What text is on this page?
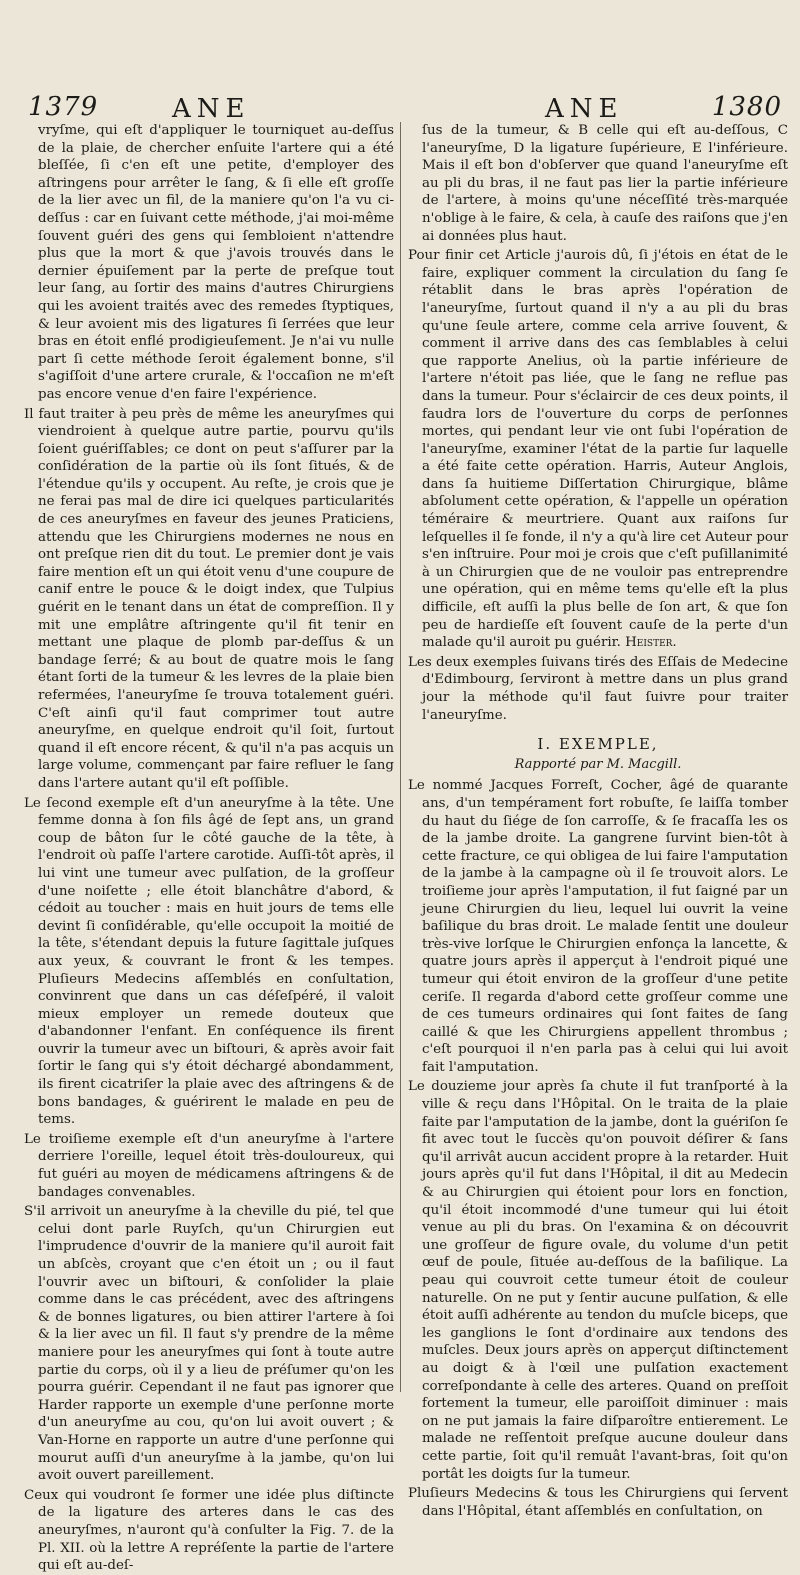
1379	ANE	ANE	1380

vryſme, qui eſt d'appliquer le tourniquet au-deſſus de la plaie, de chercher enſuite l'artere qui a été bleſſée, ſi c'en eſt une petite, d'employer des aſtringens pour arrêter le ſang, & ſi elle eſt groſſe de la lier avec un fil, de la maniere qu'on l'a vu ci-deſſus : car en ſuivant cette méthode, j'ai moi-même ſouvent guéri des gens qui ſembloient n'attendre plus que la mort & que j'avois trouvés dans le dernier épuiſement par la perte de preſque tout leur ſang, au ſortir des mains d'autres Chirurgiens qui les avoient traités avec des remedes ſtyptiques, & leur avoient mis des ligatures ſi ſerrées que leur bras en étoit enflé prodigieuſement. Je n'ai vu nulle part ſi cette méthode ſeroit également bonne, s'il s'agiſſoit d'une artere crurale, & l'occaſion ne m'eſt pas encore venue d'en faire l'expérience.

Il faut traiter à peu près de même les aneuryſmes qui viendroient à quelque autre partie, pourvu qu'ils ſoient guériſſables; ce dont on peut s'aſſurer par la conſidération de la partie où ils ſont ſitués, & de l'étendue qu'ils y occupent. Au reſte, je crois que je ne ferai pas mal de dire ici quelques particularités de ces aneuryſmes en faveur des jeunes Praticiens, attendu que les Chirurgiens modernes ne nous en ont preſque rien dit du tout. Le premier dont je vais faire mention eſt un qui étoit venu d'une coupure de canif entre le pouce & le doigt index, que Tulpius guérit en le tenant dans un état de compreſſion. Il y mit une emplâtre aſtringente qu'il fit tenir en mettant une plaque de plomb par-deſſus & un bandage ſerré; & au bout de quatre mois le ſang étant ſorti de la tumeur & les levres de la plaie bien refermées, l'aneuryſme ſe trouva totalement guéri. C'eſt ainſi qu'il faut comprimer tout autre aneuryſme, en quelque endroit qu'il ſoit, ſurtout quand il eſt encore récent, & qu'il n'a pas acquis un large volume, commençant par faire refluer le ſang dans l'artere autant qu'il eſt poſſible.

Le ſecond exemple eſt d'un aneuryſme à la tête. Une femme donna à ſon fils âgé de ſept ans, un grand coup de bâton ſur le côté gauche de la tête, à l'endroit où paſſe l'artere carotide. Auſſi-tôt après, il lui vint une tumeur avec pulſation, de la groſſeur d'une noiſette ; elle étoit blanchâtre d'abord, & cédoit au toucher : mais en huit jours de tems elle devint ſi conſidérable, qu'elle occupoit la moitié de la tête, s'étendant depuis la future ſagittale juſques aux yeux, & couvrant le front & les tempes. Pluſieurs Medecins aſſemblés en conſultation, convinrent que dans un cas déſeſpéré, il valoit mieux employer un remede douteux que d'abandonner l'enfant. En conſéquence ils firent ouvrir la tumeur avec un biſtouri, & après avoir fait ſortir le ſang qui s'y étoit déchargé abondamment, ils firent cicatriſer la plaie avec des aſtringens & de bons bandages, & guérirent le malade en peu de tems.

Le troiſieme exemple eſt d'un aneuryſme à l'artere derriere l'oreille, lequel étoit très-douloureux, qui fut guéri au moyen de médicamens aſtringens & de bandages convenables.

S'il arrivoit un aneuryſme à la cheville du pié, tel que celui dont parle Ruyſch, qu'un Chirurgien eut l'imprudence d'ouvrir de la maniere qu'il auroit fait un abſcès, croyant que c'en étoit un ; ou il faut l'ouvrir avec un biſtouri, & conſolider la plaie comme dans le cas précédent, avec des aſtringens & de bonnes ligatures, ou bien attirer l'artere à ſoi & la lier avec un fil. Il faut s'y prendre de la même maniere pour les aneuryſmes qui ſont à toute autre partie du corps, où il y a lieu de préſumer qu'on les pourra guérir. Cependant il ne faut pas ignorer que Harder rapporte un exemple d'une perſonne morte d'un aneuryſme au cou, qu'on lui avoit ouvert ; & Van-Horne en rapporte un autre d'une perſonne qui mourut auſſi d'un aneuryſme à la jambe, qu'on lui avoit ouvert pareillement.

Ceux qui voudront ſe former une idée plus diſtincte de la ligature des arteres dans le cas des aneuryſmes, n'auront qu'à conſulter la Fig. 7. de la Pl. XII. où la lettre A repréſente la partie de l'artere qui eſt au-deſ-

ſus de la tumeur, & B celle qui eſt au-deſſous, C l'aneuryſme, D la ligature ſupérieure, E l'inférieure. Mais il eſt bon d'obſerver que quand l'aneuryſme eſt au pli du bras, il ne faut pas lier la partie inférieure de l'artere, à moins qu'une néceſſité très-marquée n'oblige à le faire, & cela, à cauſe des raiſons que j'en ai données plus haut.

Pour finir cet Article j'aurois dû, ſi j'étois en état de le faire, expliquer comment la circulation du ſang ſe rétablit dans le bras après l'opération de l'aneuryſme, ſurtout quand il n'y a au pli du bras qu'une ſeule artere, comme cela arrive ſouvent, & comment il arrive dans des cas ſemblables à celui que rapporte Anelius, où la partie inférieure de l'artere n'étoit pas liée, que le ſang ne reflue pas dans la tumeur. Pour s'éclaircir de ces deux points, il faudra lors de l'ouverture du corps de perſonnes mortes, qui pendant leur vie ont ſubi l'opération de l'aneuryſme, examiner l'état de la partie ſur laquelle a été faite cette opération. Harris, Auteur Anglois, dans ſa huitieme Diſſertation Chirurgique, blâme abſolument cette opération, & l'appelle un opération téméraire & meurtriere. Quant aux raiſons ſur leſquelles il ſe fonde, il n'y a qu'à lire cet Auteur pour s'en inſtruire. Pour moi je crois que c'eſt puſillanimité à un Chirurgien que de ne vouloir pas entreprendre une opération, qui en même tems qu'elle eſt la plus difficile, eſt auſſi la plus belle de ſon art, & que ſon peu de hardieſſe eſt ſouvent cauſe de la perte d'un malade qu'il auroit pu guérir. Heister.

Les deux exemples ſuivans tirés des Eſſais de Medecine d'Edimbourg, ſerviront à mettre dans un plus grand jour la méthode qu'il faut ſuivre pour traiter l'aneuryſme.

I. EXEMPLE,
Rapporté par M. Macgill.

Le nommé Jacques Forreſt, Cocher, âgé de quarante ans, d'un tempérament fort robuſte, ſe laiſſa tomber du haut du ſiége de ſon carroſſe, & ſe fracaſſa les os de la jambe droite. La gangrene ſurvint bien-tôt à cette fracture, ce qui obligea de lui faire l'amputation de la jambe à la campagne où il ſe trouvoit alors. Le troiſieme jour après l'amputation, il fut ſaigné par un jeune Chirurgien du lieu, lequel lui ouvrit la veine baſilique du bras droit. Le malade ſentit une douleur très-vive lorſque le Chirurgien enfonça la lancette, & quatre jours après il apperçut à l'endroit piqué une tumeur qui étoit environ de la groſſeur d'une petite ceriſe. Il regarda d'abord cette groſſeur comme une de ces tumeurs ordinaires qui ſont faites de ſang caillé & que les Chirurgiens appellent thrombus ; c'eſt pourquoi il n'en parla pas à celui qui lui avoit fait l'amputation.

Le douzieme jour après ſa chute il fut tranſporté à la ville & reçu dans l'Hôpital. On le traita de la plaie faite par l'amputation de la jambe, dont la guériſon ſe fit avec tout le ſuccès qu'on pouvoit déſirer & ſans qu'il arrivât aucun accident propre à la retarder. Huit jours après qu'il fut dans l'Hôpital, il dit au Medecin & au Chirurgien qui étoient pour lors en fonction, qu'il étoit incommodé d'une tumeur qui lui étoit venue au pli du bras. On l'examina & on découvrit une groſſeur de figure ovale, du volume d'un petit œuf de poule, ſituée au-deſſous de la baſilique. La peau qui couvroit cette tumeur étoit de couleur naturelle. On ne put y ſentir aucune pulſation, & elle étoit auſſi adhérente au tendon du muſcle biceps, que les ganglions le ſont d'ordinaire aux tendons des muſcles. Deux jours après on apperçut diſtinctement au doigt & à l'œil une pulſation exactement correſpondante à celle des arteres. Quand on preſſoit fortement la tumeur, elle paroiſſoit diminuer : mais on ne put jamais la faire diſparoître entierement. Le malade ne reſſentoit preſque aucune douleur dans cette partie, ſoit qu'il remuât l'avant-bras, ſoit qu'on portât les doigts ſur la tumeur.

Pluſieurs Medecins & tous les Chirurgiens qui ſervent dans l'Hôpital, étant aſſemblés en conſultation, on
